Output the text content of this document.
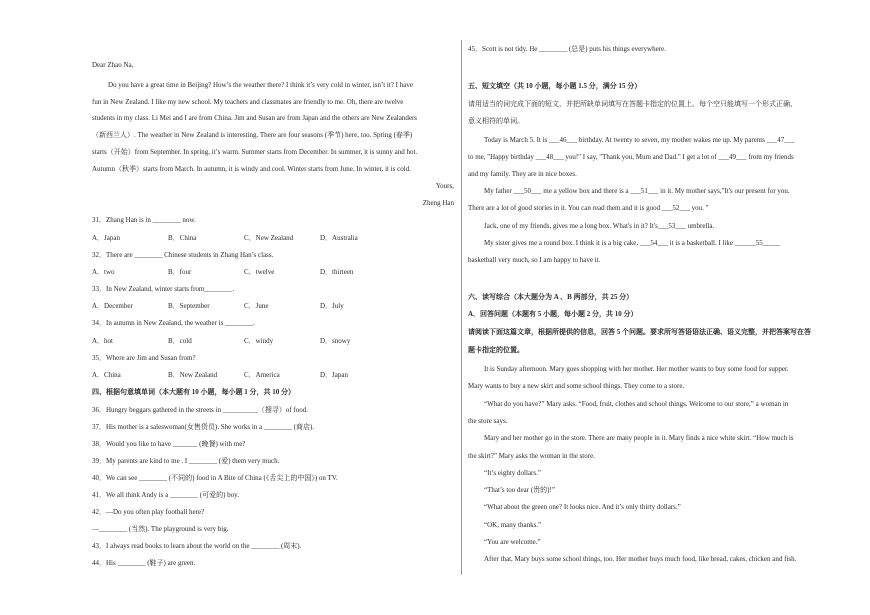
Dear Zhao Na,
Do you have a great time in Beijing? How’s the weather there? I think it’s very cold in winter, isn’t it? I have
fun in New Zealand. I like my new school. My teachers and classmates are friendly to me. Oh, there are twelve
students in my class. Li Mei and I are from China. Jim and Susan are from Japan and the others are New Zealanders
（新西兰人）. The weather in New Zealand is interesting. There are four seasons (季节) here, too. Spring (春季)
starts（开始）from September. In spring, it’s warm. Summer starts from December. In summer, it is sunny and hot.
Autumn（秋季）starts from March. In autumn, it is windy and cool. Winter starts from June. In winter, it is cold.
Yours,
Zheng Han
31．Zhang Han is in ________ now.
A．Japan	B．China	C．New Zealand	D．Australia
32．There are ________ Chinese students in Zhang Han’s class.
A．two	B．four	C．twelve	D．thirteen
33．In New Zealand, winter starts from________.
A．December	B．September	C．June	D．July
34．In autumn in New Zealand, the weather is ________.
A．hot	B．cold	C．windy	D．snowy
35．Where are Jim and Susan from?
A．China	B．New Zealand	C．America	D．Japan
四、根据句意填单词（本大题有 10 小题，每小题 1 分，共 10 分）
36．Hungry beggars gathered in the streets in __________（搜寻）of food.
37．His mother is a saleswoman(女售货员). She works in a ________ (商店).
38．Would you like to have _______ (晚餐) with me?
39．My parents are kind to me . I ________ (爱) them very much.
40．We can see ________ (不同的) food in A Bite of China (《舌尖上的中国》) on TV.
41．We all think Andy is a ________ (可爱的) boy.
42．—Do you often play football here?
—________ (当然). The playground is very big.
43．I always read books to learn about the world on the ________ (周末).
44．His ________ (鞋子) are green.
45．Scott is not tidy. He ________ (总是) puts his things everywhere.
五、短文填空（共 10 小题，每小题 1.5 分，满分 15 分）
请用适当的词完成下面的短文，并把所缺单词填写在答题卡指定的位置上。每个空只能填写一个形式正确、
意义相符的单词。
Today is March 5. It is ___46___ birthday. At twenty to seven, my mother wakes me up. My parents ___47___
to me, "Happy birthday ___48___ you!" I say, "Thank you, Mum and Dad." I get a lot of ___49___ from my friends
and my family. They are in nice boxes.
My father ___50___ me a yellow box and there is a ___51___ in it. My mother says,"It's our present for you.
There are a lot of good stories in it. You can read them and it is good ___52___ you. "
Jack, one of my friends, gives me a long box. What's in it? It's___53___ umbrella.
My sister gives me a round box. I think it is a big cake, ___54___ it is a basketball. I like ______55_____
basketball very much, so I am happy to have it.
六、读写综合（本大题分为 A 、B 两部分，共 25 分）
A．回答问题（本题有 5 小题，每小题 2 分，共 10 分）
请阅读下面这篇文章，根据所提供的信息，回答 5 个问题。要求所写答语语法正确、语义完整，并把答案写在答
题卡指定的位置。
It is Sunday afternoon. Mary goes shopping with her mother. Her mother wants to buy some food for supper.
Mary wants to buy a new skirt and some school things. They come to a store.
“What do you have?” Mary asks. “Food, fruit, clothes and school things. Welcome to our store,” a woman in
the store says.
Mary and her mother go in the store. There are many people in it. Mary finds a nice white skirt. “How much is
the skirt?” Mary asks the woman in the store.
“It’s eighty dollars.”
“That’s too dear (贵的)!”
“What about the green one? It looks nice. And it’s only thirty dollars.”
“OK, many thanks.”
“You are welcome.”
After that, Mary buys some school things, too. Her mother buys much food, like bread, cakes, chicken and fish.
